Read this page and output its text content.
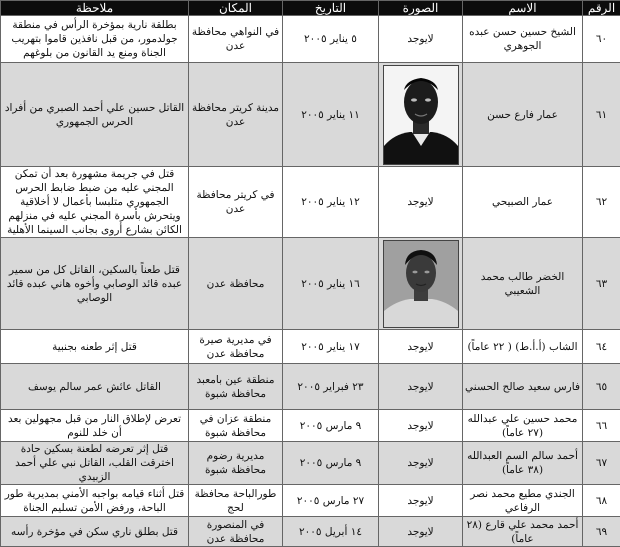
الرقم	الاسم	الصورة	التاريخ	المكان	ملاحظة
٦٠	الشيخ حسين حسن عبده الجوهري	لايوجد	٥ يناير ٢٠٠٥	في النواهي محافظة عدن	بطلقة نارية بمؤخرة الرأس في منطقة جولدمور، من قبل نافذين قاموا بتهريب الجناة ومنع يد القانون من بلوغهم
٦١	عمار فارع حسن		١١ يناير ٢٠٠٥	مدينة كريتر محافظة عدن	القاتل حسين علي أحمد الصبري من أفراد الحرس الجمهوري
٦٢	عمار الصبيحي	لايوجد	١٢ يناير ٢٠٠٥	في كريتر محافظة عدن	قتل في جريمة مشهورة بعد أن تمكن المجني عليه من ضبط ضابط الحرس الجمهوري متلبسا بأعمال لا أخلاقية ويتحرش بأسرة المجني عليه في منزلهم الكائن بشارع أروى بجانب السينما الأهلية
٦٣	الخضر طالب محمد الشعيبي		١٦ يناير ٢٠٠٥	محافظة عدن	قتل طعناً بالسكين، القاتل كل من سمير عبده قائد الوصابي وأخوه هاني عبده قائد الوصابي
٦٤	الشاب (أ.أ.ط) ( ٢٢ عاماً)	لايوجد	١٧ يناير ٢٠٠٥	في مديرية صيرة محافظة عدن	قتل إثر طعنه بجنبية
٦٥	فارس سعيد صالح الحسني	لايوجد	٢٣ فبراير ٢٠٠٥	منطقة عين بامعبد محافظة شبوة	القاتل عائش عمر سالم يوسف
٦٦	محمد حسين علي عبدالله (٢٧ عاماً)	لايوجد	٩ مارس ٢٠٠٥	منطقة عزان في محافظة شبوة	تعرض لإطلاق النار من قبل مجهولين بعد أن خلد للنوم
٦٧	أحمد سالم السم العبدالله (٣٨ عاماً)	لايوجد	٩ مارس ٢٠٠٥	مديرية رضوم محافظة شبوة	قتل إثر تعرضه لطعنة بسكين حادة اخترقت القلب، القاتل نبي علي أحمد الزبيدي
٦٨	الجندي مطيع محمد نصر الرفاعي	لايوجد	٢٧ مارس ٢٠٠٥	طورالباحة محافظة لحج	قتل أثناء قيامه بواجبه الأمني بمديرية طور الباحة، ورفض الأمن تسليم الجناة
٦٩	أحمد محمد علي قارع (٢٨ عاماً)	لايوجد	١٤ أبريل ٢٠٠٥	في المنصورة محافظة عدن	قتل بطلق ناري سكن في مؤخرة رأسه
